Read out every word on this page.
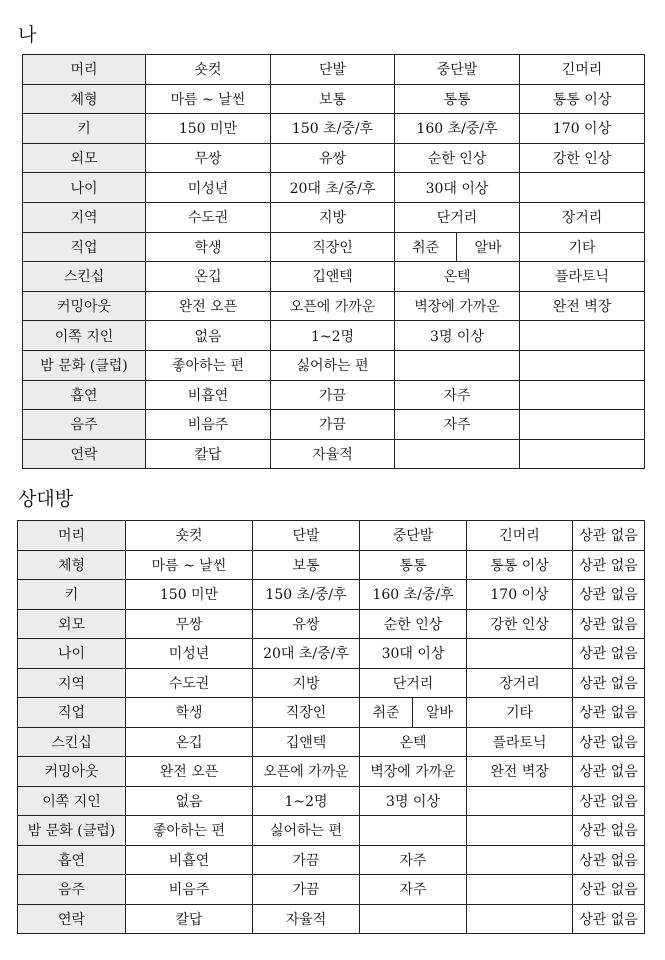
나
머리	숏컷	단발	중단발	긴머리
체형	마름 ~ 날씬	보통	통통	통통 이상
키	150 미만	150 초/중/후	160 초/중/후	170 이상
외모	무쌍	유쌍	순한 인상	강한 인상
나이	미성년	20대 초/중/후	30대 이상	
지역	수도권	지방	단거리	장거리
직업	학생	직장인	취준 알바	기타
스킨십	온깁	깁앤텍	온텍	플라토닉
커밍아웃	완전 오픈	오픈에 가까운	벽장에 가까운	완전 벽장
이쪽 지인	없음	1~2명	3명 이상	
밤 문화 (클럽)	좋아하는 편	싫어하는 편		
흡연	비흡연	가끔	자주	
음주	비음주	가끔	자주	
연락	칼답	자율적		
상대방
머리	숏컷	단발	중단발	긴머리	상관 없음
체형	마름 ~ 날씬	보통	통통	통통 이상	상관 없음
키	150 미만	150 초/중/후	160 초/중/후	170 이상	상관 없음
외모	무쌍	유쌍	순한 인상	강한 인상	상관 없음
나이	미성년	20대 초/중/후	30대 이상		상관 없음
지역	수도권	지방	단거리	장거리	상관 없음
직업	학생	직장인	취준 알바	기타	상관 없음
스킨십	온깁	깁앤텍	온텍	플라토닉	상관 없음
커밍아웃	완전 오픈	오픈에 가까운	벽장에 가까운	완전 벽장	상관 없음
이쪽 지인	없음	1~2명	3명 이상		상관 없음
밤 문화 (클럽)	좋아하는 편	싫어하는 편			상관 없음
흡연	비흡연	가끔	자주		상관 없음
음주	비음주	가끔	자주		상관 없음
연락	칼답	자율적			상관 없음
